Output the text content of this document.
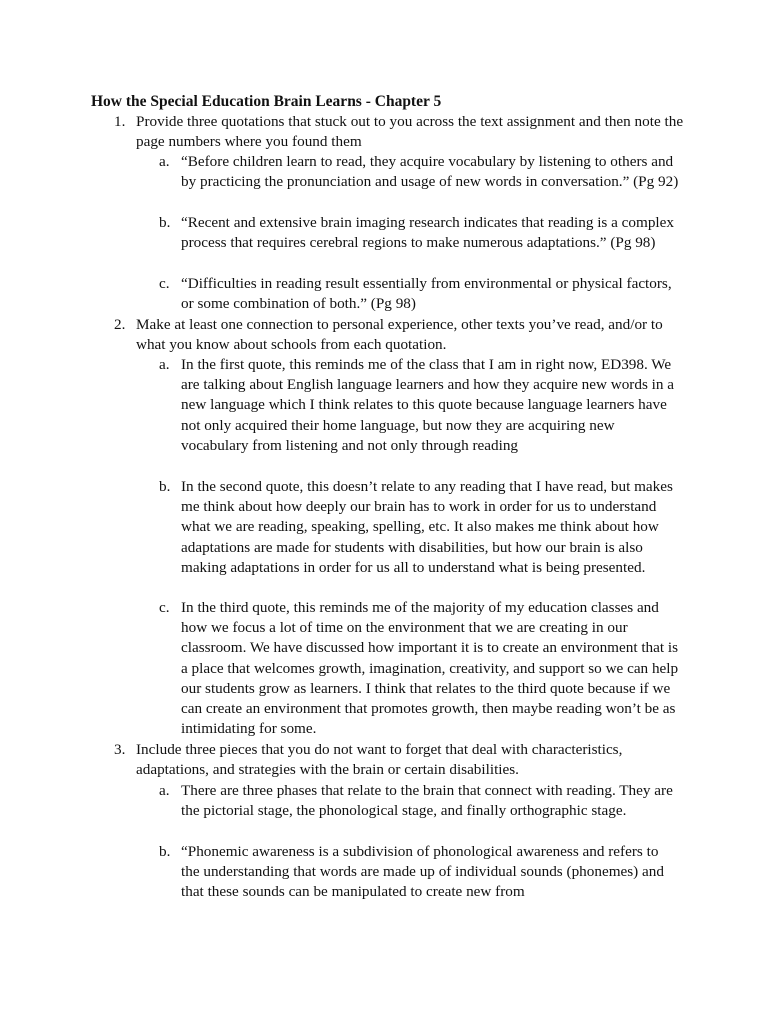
How the Special Education Brain Learns - Chapter 5
1. Provide three quotations that stuck out to you across the text assignment and then note the page numbers where you found them
a. “Before children learn to read, they acquire vocabulary by listening to others and by practicing the pronunciation and usage of new words in conversation.” (Pg 92)
b. “Recent and extensive brain imaging research indicates that reading is a complex process that requires cerebral regions to make numerous adaptations.” (Pg 98)
c. “Difficulties in reading result essentially from environmental or physical factors, or some combination of both.” (Pg 98)
2. Make at least one connection to personal experience, other texts you’ve read, and/or to what you know about schools from each quotation.
a. In the first quote, this reminds me of the class that I am in right now, ED398. We are talking about English language learners and how they acquire new words in a new language which I think relates to this quote because language learners have not only acquired their home language, but now they are acquiring new vocabulary from listening and not only through reading
b. In the second quote, this doesn’t relate to any reading that I have read, but makes me think about how deeply our brain has to work in order for us to understand what we are reading, speaking, spelling, etc. It also makes me think about how adaptations are made for students with disabilities, but how our brain is also making adaptations in order for us all to understand what is being presented.
c. In the third quote, this reminds me of the majority of my education classes and how we focus a lot of time on the environment that we are creating in our classroom. We have discussed how important it is to create an environment that is a place that welcomes growth, imagination, creativity, and support so we can help our students grow as learners. I think that relates to the third quote because if we can create an environment that promotes growth, then maybe reading won’t be as intimidating for some.
3. Include three pieces that you do not want to forget that deal with characteristics, adaptations, and strategies with the brain or certain disabilities.
a. There are three phases that relate to the brain that connect with reading. They are the pictorial stage, the phonological stage, and finally orthographic stage.
b. “Phonemic awareness is a subdivision of phonological awareness and refers to the understanding that words are made up of individual sounds (phonemes) and that these sounds can be manipulated to create new from
